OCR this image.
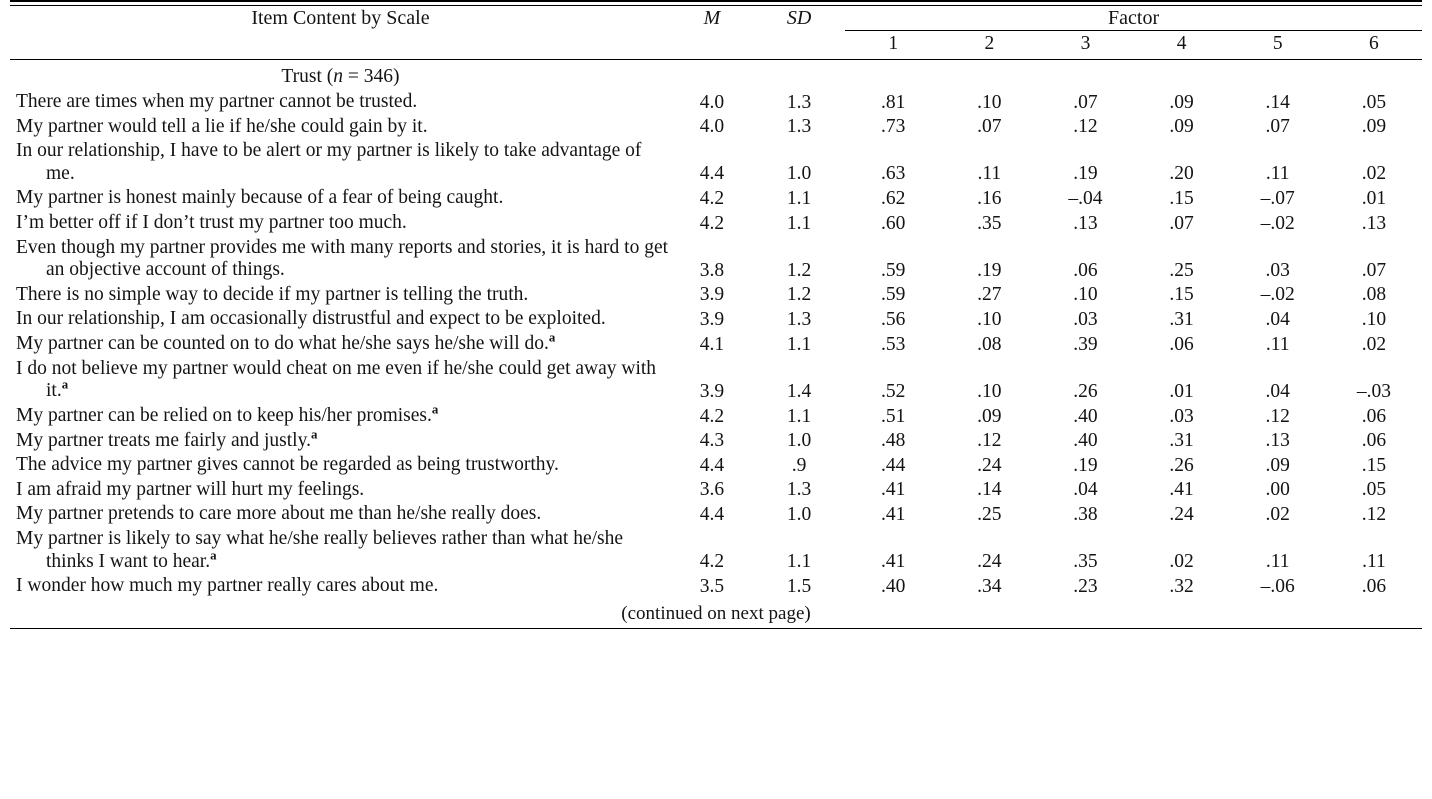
Item Content by Scale	M	SD	Factor					
			1	2	3	4	5	6

Trust (n = 346)								
There are times when my partner cannot be trusted.	4.0	1.3	.81	.10	.07	.09	.14	.05
My partner would tell a lie if he/she could gain by it.	4.0	1.3	.73	.07	.12	.09	.07	.09
In our relationship, I have to be alert or my partner is likely to take advantage of me.	4.4	1.0	.63	.11	.19	.20	.11	.02
My partner is honest mainly because of a fear of being caught.	4.2	1.1	.62	.16	–.04	.15	–.07	.01
I’m better off if I don’t trust my partner too much.	4.2	1.1	.60	.35	.13	.07	–.02	.13
Even though my partner provides me with many reports and stories, it is hard to get an objective account of things.	3.8	1.2	.59	.19	.06	.25	.03	.07
There is no simple way to decide if my partner is telling the truth.	3.9	1.2	.59	.27	.10	.15	–.02	.08
In our relationship, I am occasionally distrustful and expect to be exploited.	3.9	1.3	.56	.10	.03	.31	.04	.10
My partner can be counted on to do what he/she says he/she will do.$^a$	4.1	1.1	.53	.08	.39	.06	.11	.02
I do not believe my partner would cheat on me even if he/she could get away with it.$^a$	3.9	1.4	.52	.10	.26	.01	.04	–.03
My partner can be relied on to keep his/her promises.$^a$	4.2	1.1	.51	.09	.40	.03	.12	.06
My partner treats me fairly and justly.$^a$	4.3	1.0	.48	.12	.40	.31	.13	.06
The advice my partner gives cannot be regarded as being trustworthy.	4.4	.9	.44	.24	.19	.26	.09	.15
I am afraid my partner will hurt my feelings.	3.6	1.3	.41	.14	.04	.41	.00	.05
My partner pretends to care more about me than he/she really does.	4.4	1.0	.41	.25	.38	.24	.02	.12
My partner is likely to say what he/she really believes rather than what he/she thinks I want to hear.$^a$	4.2	1.1	.41	.24	.35	.02	.11	.11
I wonder how much my partner really cares about me.	3.5	1.5	.40	.34	.23	.32	–.06	.06
(continued on next page)								
